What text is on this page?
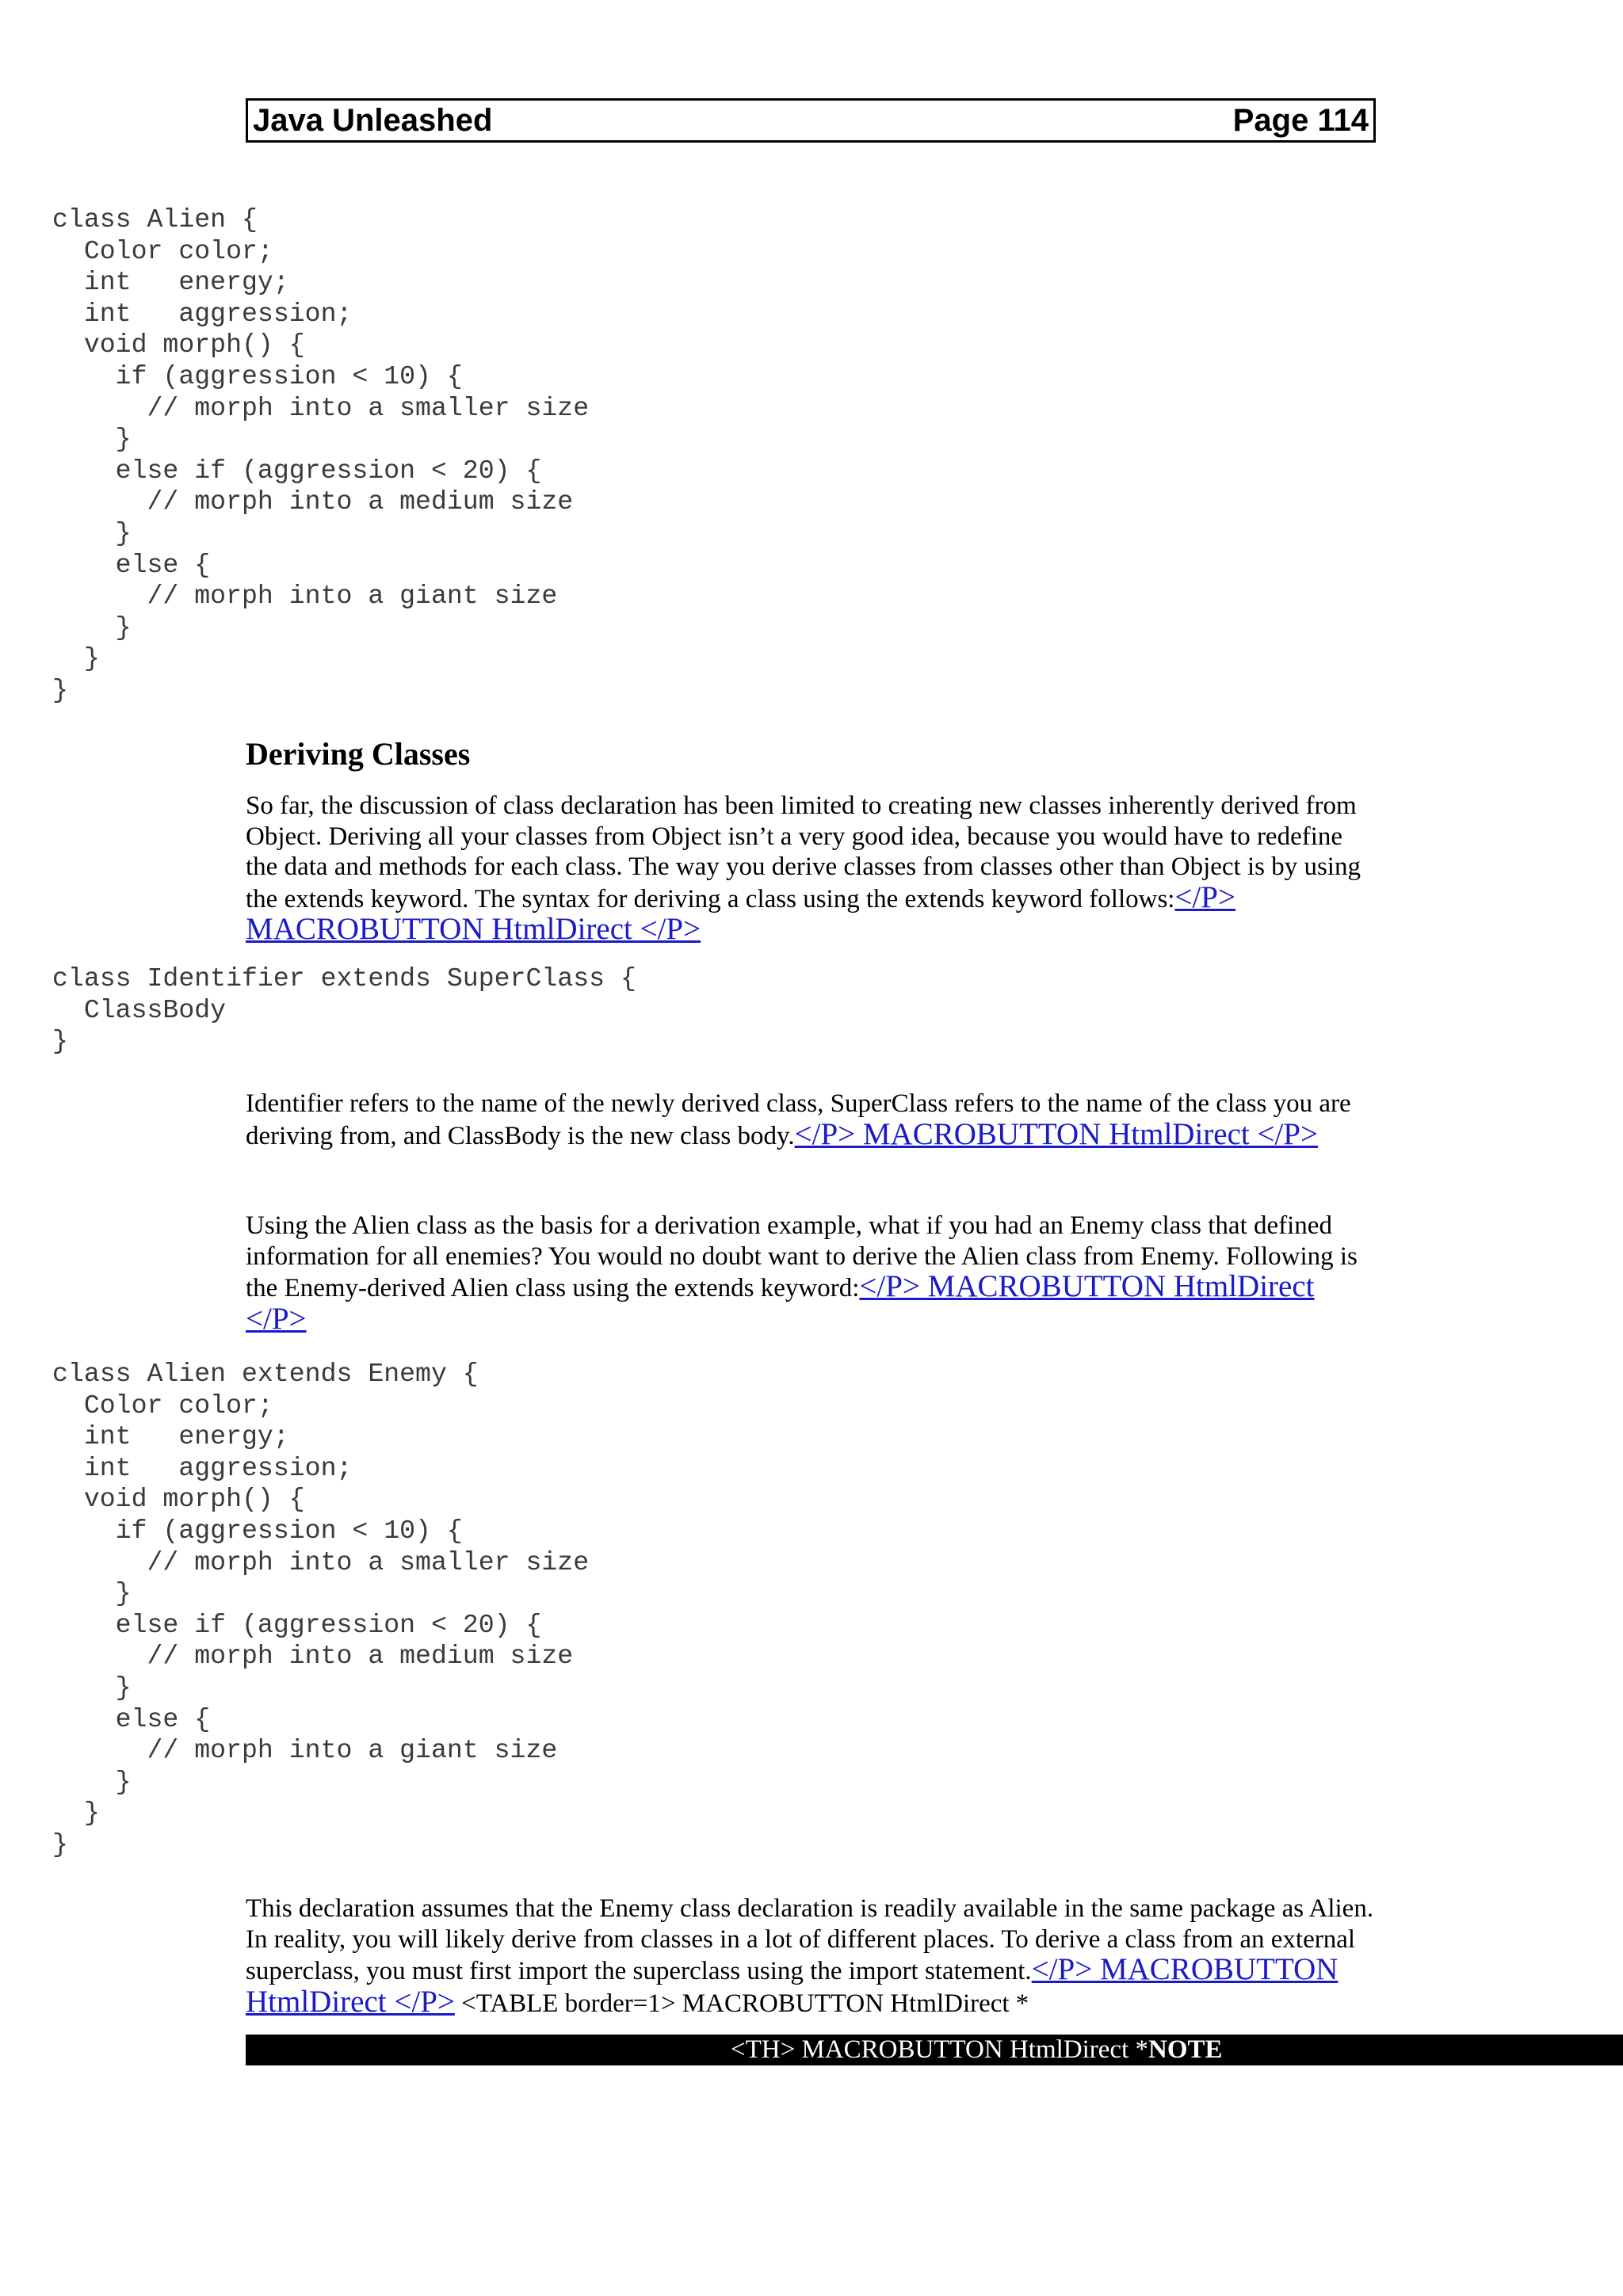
Java Unleashed	Page 114
class Alien {
Color color;
int   energy;
int   aggression;
void morph() {
if (aggression < 10) {
// morph into a smaller size
}
else if (aggression < 20) {
// morph into a medium size
}
else {
// morph into a giant size
}
}
}
Deriving Classes

So far, the discussion of class declaration has been limited to creating new classes inherently derived from Object. Deriving all your classes from Object isn’t a very good idea, because you would have to redefine the data and methods for each class. The way you derive classes from classes other than Object is by using the extends keyword. The syntax for deriving a class using the extends keyword follows:</P> MACROBUTTON HtmlDirect </P>

class Identifier extends SuperClass {
ClassBody
}

Identifier refers to the name of the newly derived class, SuperClass refers to the name of the class you are deriving from, and ClassBody is the new class body.</P> MACROBUTTON HtmlDirect </P>

Using the Alien class as the basis for a derivation example, what if you had an Enemy class that defined information for all enemies? You would no doubt want to derive the Alien class from Enemy. Following is the Enemy-derived Alien class using the extends keyword:</P> MACROBUTTON HtmlDirect </P>

class Alien extends Enemy {
Color color;
int   energy;
int   aggression;
void morph() {
if (aggression < 10) {
// morph into a smaller size
}
else if (aggression < 20) {
// morph into a medium size
}
else {
// morph into a giant size
}
}
}

This declaration assumes that the Enemy class declaration is readily available in the same package as Alien. In reality, you will likely derive from classes in a lot of different places. To derive a class from an external superclass, you must first import the superclass using the import statement.</P> MACROBUTTON HtmlDirect </P> <TABLE border=1> MACROBUTTON HtmlDirect *

<TH> MACROBUTTON HtmlDirect *NOTE
